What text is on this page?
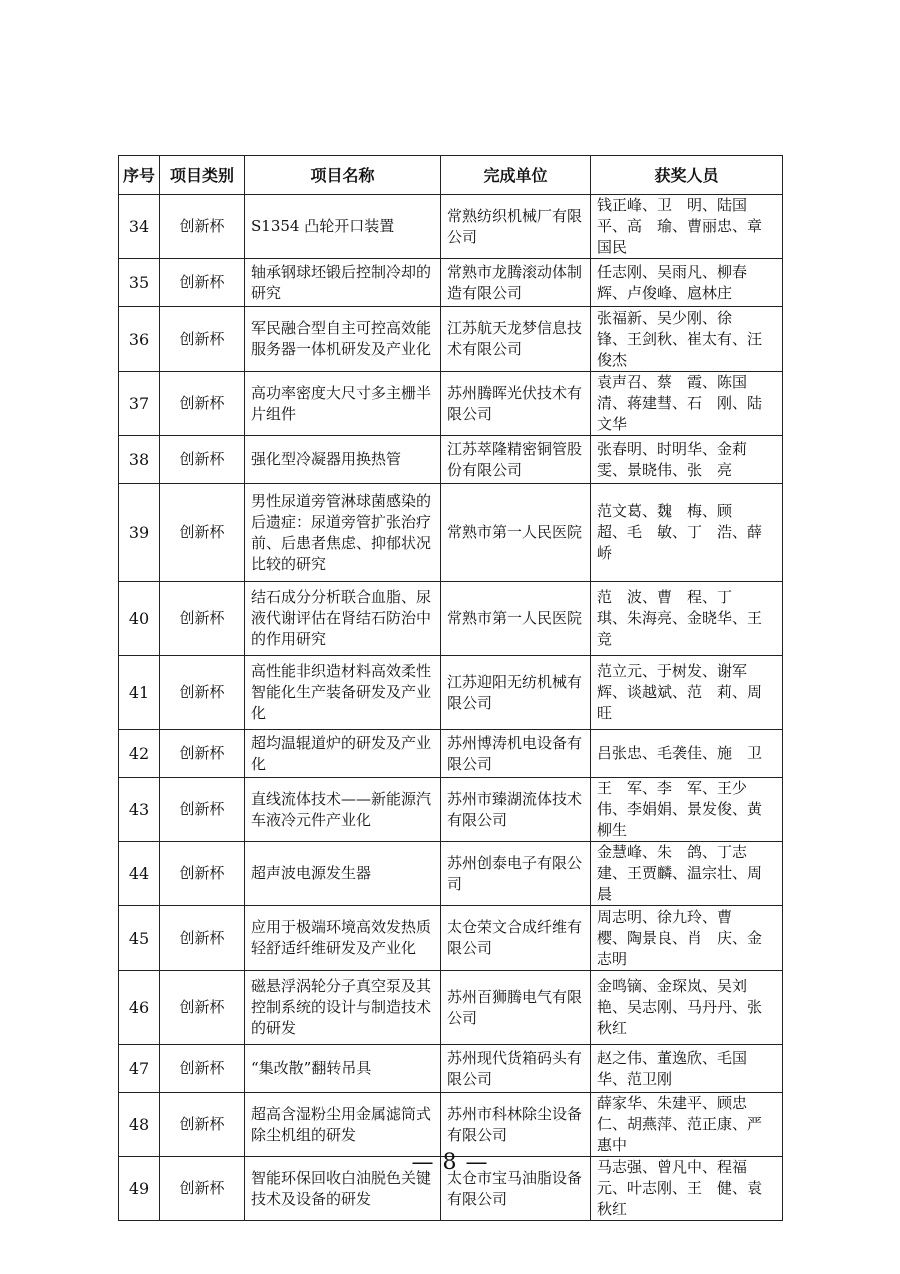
序号	项目类别	项目名称	完成单位	获奖人员
34	创新杯	S1354 凸轮开口装置	常熟纺织机械厂有限公司	钱正峰、卫　明、陆国平、高　瑜、曹丽忠、章国民
35	创新杯	轴承钢球坯锻后控制冷却的研究	常熟市龙腾滚动体制造有限公司	任志刚、吴雨凡、柳春辉、卢俊峰、扈林庄
36	创新杯	军民融合型自主可控高效能服务器一体机研发及产业化	江苏航天龙梦信息技术有限公司	张福新、吴少刚、徐　锋、王剑秋、崔太有、汪俊杰
37	创新杯	高功率密度大尺寸多主栅半片组件	苏州腾晖光伏技术有限公司	袁声召、蔡　霞、陈国清、蒋建彗、石　刚、陆文华
38	创新杯	强化型冷凝器用换热管	江苏萃隆精密铜管股份有限公司	张春明、时明华、金莉雯、景晓伟、张　亮
39	创新杯	男性尿道旁管淋球菌感染的后遗症：尿道旁管扩张治疗前、后患者焦虑、抑郁状况比较的研究	常熟市第一人民医院	范文葛、魏　梅、顾　超、毛　敏、丁　浩、薛　峤
40	创新杯	结石成分分析联合血脂、尿液代谢评估在肾结石防治中的作用研究	常熟市第一人民医院	范　波、曹　程、丁　琪、朱海亮、金晓华、王　竞
41	创新杯	高性能非织造材料高效柔性智能化生产装备研发及产业化	江苏迎阳无纺机械有限公司	范立元、于树发、谢军辉、谈越斌、范　莉、周　旺
42	创新杯	超均温辊道炉的研发及产业化	苏州博涛机电设备有限公司	吕张忠、毛袭佳、施　卫
43	创新杯	直线流体技术——新能源汽车液冷元件产业化	苏州市臻湖流体技术有限公司	王　军、李　军、王少伟、李娟娟、景发俊、黄柳生
44	创新杯	超声波电源发生器	苏州创泰电子有限公司	金慧峰、朱　鸽、丁志建、王贾麟、温宗壮、周　晨
45	创新杯	应用于极端环境高效发热质轻舒适纤维研发及产业化	太仓荣文合成纤维有限公司	周志明、徐九玲、曹　樱、陶景良、肖　庆、金志明
46	创新杯	磁悬浮涡轮分子真空泵及其控制系统的设计与制造技术的研发	苏州百狮腾电气有限公司	金鸣镝、金琛岚、吴刘艳、吴志刚、马丹丹、张秋红
47	创新杯	“集改散”翻转吊具	苏州现代货箱码头有限公司	赵之伟、董逸欣、毛国华、范卫刚
48	创新杯	超高含湿粉尘用金属滤筒式除尘机组的研发	苏州市科林除尘设备有限公司	薛家华、朱建平、顾忠仁、胡燕萍、范正康、严惠中
49	创新杯	智能环保回收白油脱色关键技术及设备的研发	太仓市宝马油脂设备有限公司	马志强、曾凡中、程福元、叶志刚、王　健、袁秋红
— 8 —
